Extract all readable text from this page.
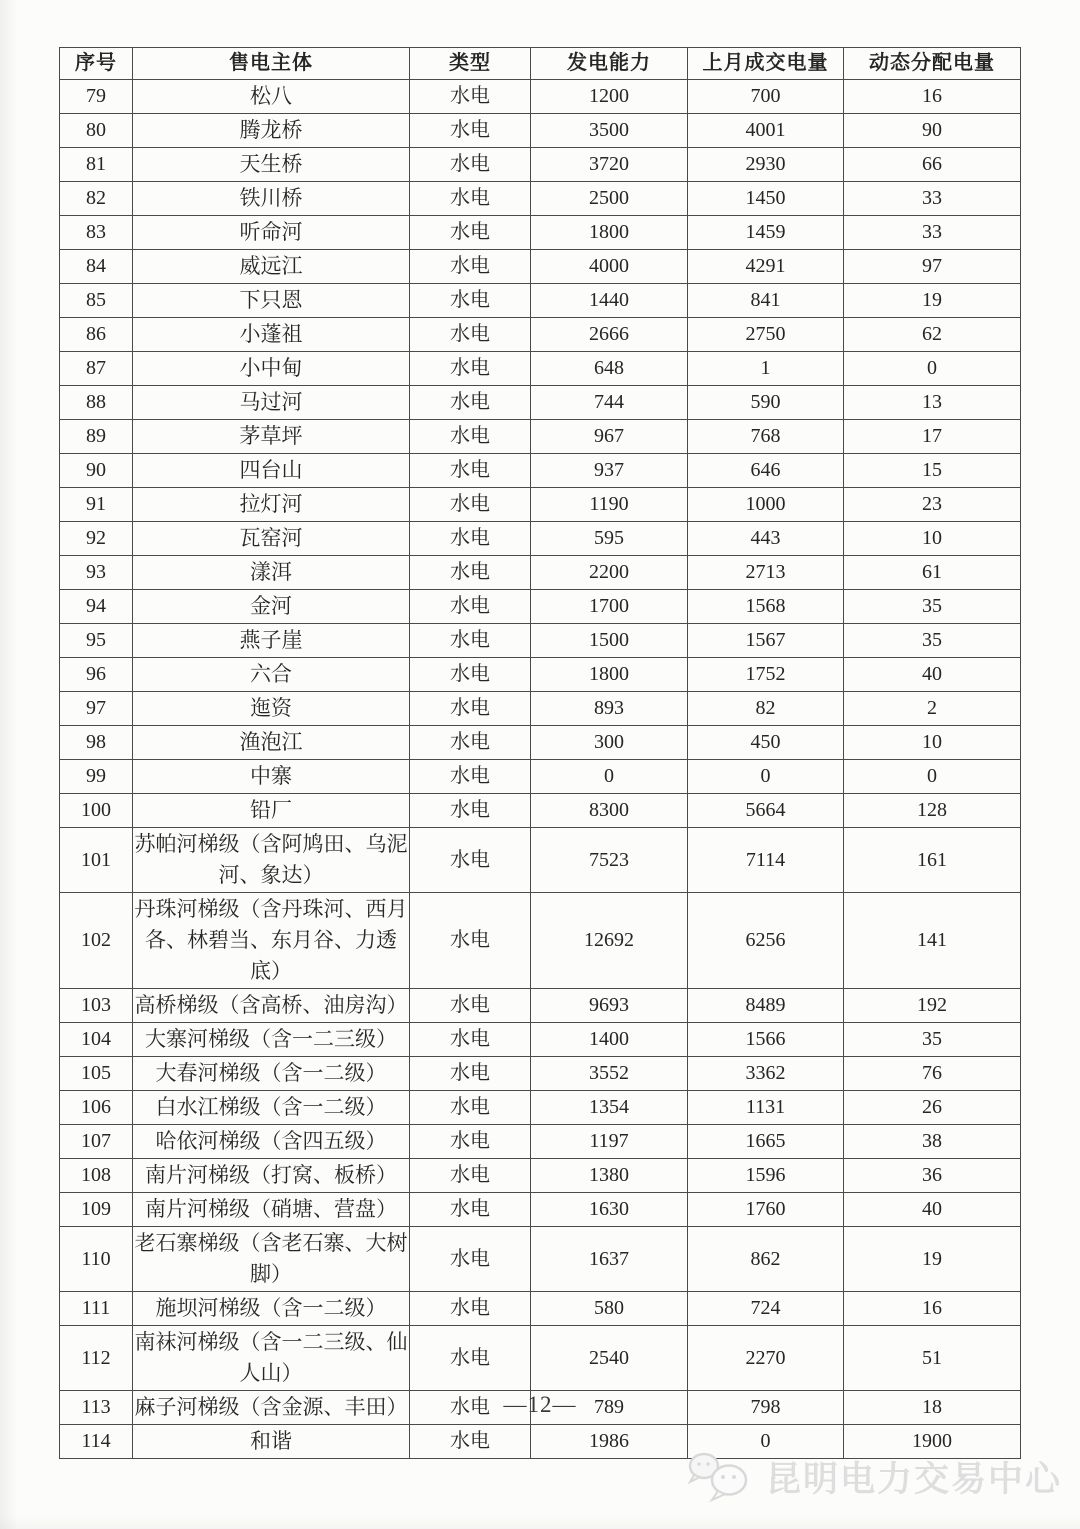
序号	售电主体	类型	发电能力	上月成交电量	动态分配电量
79	松八	水电	1200	700	16
80	腾龙桥	水电	3500	4001	90
81	天生桥	水电	3720	2930	66
82	铁川桥	水电	2500	1450	33
83	听命河	水电	1800	1459	33
84	威远江	水电	4000	4291	97
85	下只恩	水电	1440	841	19
86	小蓬祖	水电	2666	2750	62
87	小中甸	水电	648	1	0
88	马过河	水电	744	590	13
89	茅草坪	水电	967	768	17
90	四台山	水电	937	646	15
91	拉灯河	水电	1190	1000	23
92	瓦窑河	水电	595	443	10
93	漾洱	水电	2200	2713	61
94	金河	水电	1700	1568	35
95	燕子崖	水电	1500	1567	35
96	六合	水电	1800	1752	40
97	迤资	水电	893	82	2
98	渔泡江	水电	300	450	10
99	中寨	水电	0	0	0
100	铅厂	水电	8300	5664	128
101	苏帕河梯级（含阿鸠田、乌泥河、象达）	水电	7523	7114	161
102	丹珠河梯级（含丹珠河、西月各、林碧当、东月谷、力透底）	水电	12692	6256	141
103	高桥梯级（含高桥、油房沟）	水电	9693	8489	192
104	大寨河梯级（含一二三级）	水电	1400	1566	35
105	大春河梯级（含一二级）	水电	3552	3362	76
106	白水江梯级（含一二级）	水电	1354	1131	26
107	哈依河梯级（含四五级）	水电	1197	1665	38
108	南片河梯级（打窝、板桥）	水电	1380	1596	36
109	南片河梯级（硝塘、营盘）	水电	1630	1760	40
110	老石寨梯级（含老石寨、大树脚）	水电	1637	862	19
111	施坝河梯级（含一二级）	水电	580	724	16
112	南袜河梯级（含一二三级、仙人山）	水电	2540	2270	51
113	麻子河梯级（含金源、丰田）	水电	789	798	18
114	和谐	水电	1986	0	1900
—12—
昆明电力交易中心
